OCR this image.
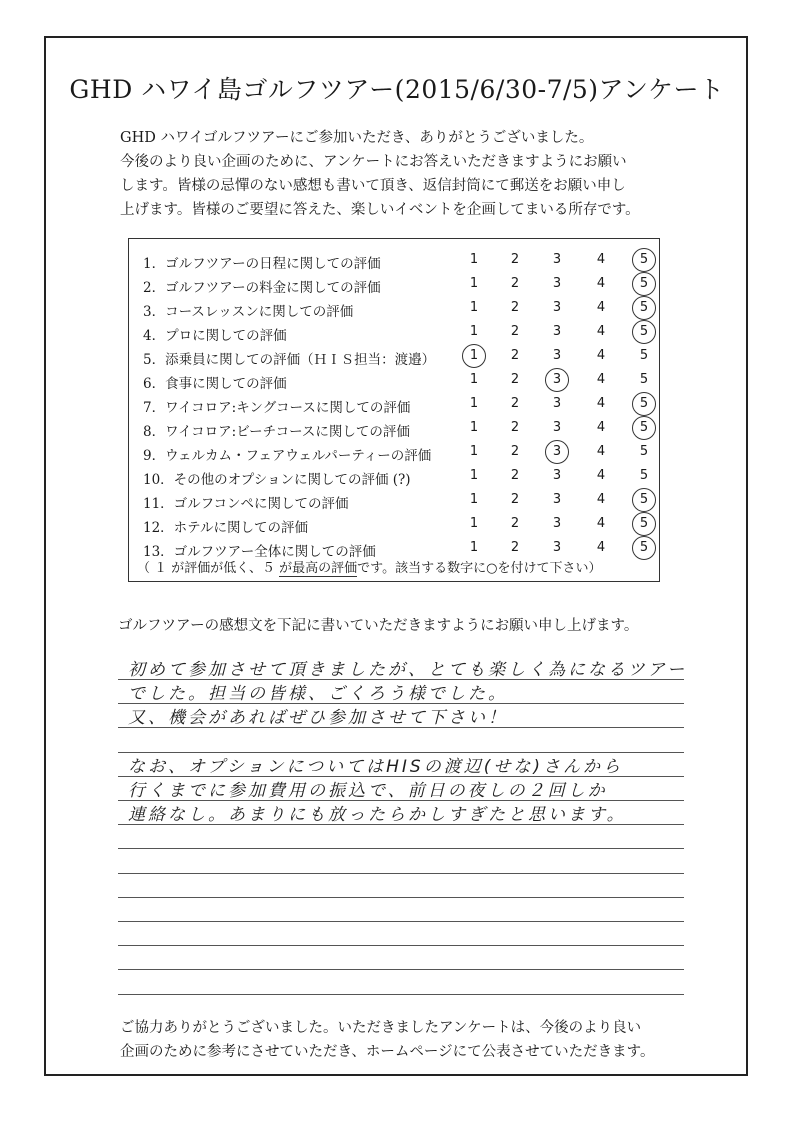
GHD ハワイ島ゴルフツアー(2015/6/30-7/5)アンケート
GHD ハワイゴルフツアーにご参加いただき、ありがとうございました。
今後のより良い企画のために、アンケートにお答えいただきますようにお願い
します。皆様の忌憚のない感想も書いて頂き、返信封筒にて郵送をお願い申し
上げます。皆様のご要望に答えた、楽しいイベントを企画してまいる所存です。
（ １ が評価が低く、５ が最高の評価です。該当する数字に○を付けて下さい）
1．ゴルフツアーの日程に関しての評価	1	2	3	4	5
2．ゴルフツアーの料金に関しての評価	1	2	3	4	5
3．コースレッスンに関しての評価	1	2	3	4	5
4．プロに関しての評価	1	2	3	4	5
5．添乗員に関しての評価（ＨＩＳ担当：渡邉）	1	2	3	4	5
6．食事に関しての評価	1	2	3	4	5
7．ワイコロア:キングコースに関しての評価	1	2	3	4	5
8．ワイコロア:ビーチコースに関しての評価	1	2	3	4	5
9．ウェルカム・フェアウェルパーティーの評価	1	2	3	4	5
10．その他のオプションに関しての評価 (?)	1	2	3	4	5
11．ゴルフコンペに関しての評価	1	2	3	4	5
12．ホテルに関しての評価	1	2	3	4	5
13．ゴルフツアー全体に関しての評価	1	2	3	4	5
ゴルフツアーの感想文を下記に書いていただきますようにお願い申し上げます。
初めて参加させて頂きましたが、とても楽しく為になるツアー
でした。担当の皆様、ごくろう様でした。
又、機会があればぜひ参加させて下さい！
なお、オプションについてはHISの渡辺(せな)さんから
行くまでに参加費用の振込で、前日の夜しの２回しか
連絡なし。あまりにも放ったらかしすぎたと思います。
ご協力ありがとうございました。いただきましたアンケートは、今後のより良い
企画のために参考にさせていただき、ホームページにて公表させていただきます。
